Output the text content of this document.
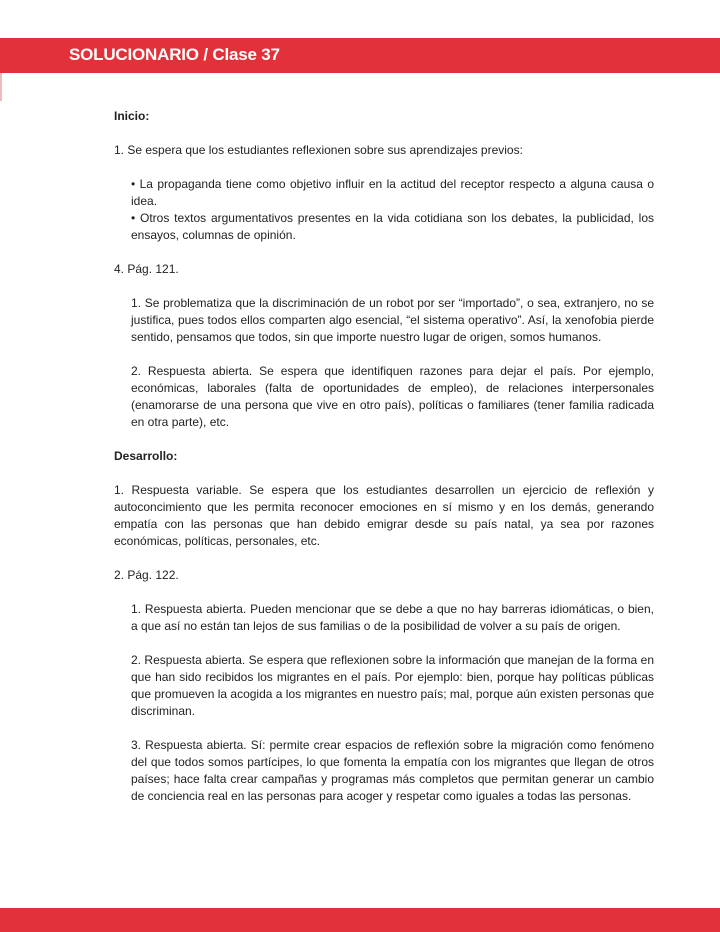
SOLUCIONARIO / Clase 37

Inicio:

1. Se espera que los estudiantes reflexionen sobre sus aprendizajes previos:

• La propaganda tiene como objetivo influir en la actitud del receptor respecto a alguna causa o idea.

• Otros textos argumentativos presentes en la vida cotidiana son los debates, la publicidad, los ensayos, columnas de opinión.

4. Pág. 121.

1. Se problematiza que la discriminación de un robot por ser “importado”, o sea, extranjero, no se justifica, pues todos ellos comparten algo esencial, “el sistema operativo”. Así, la xenofobia pierde sentido, pensamos que todos, sin que importe nuestro lugar de origen, somos humanos.

2. Respuesta abierta. Se espera que identifiquen razones para dejar el país. Por ejemplo, económicas, laborales (falta de oportunidades de empleo), de relaciones interpersonales (enamorarse de una persona que vive en otro país), políticas o familiares (tener familia radicada en otra parte), etc.

Desarrollo:

1. Respuesta variable. Se espera que los estudiantes desarrollen un ejercicio de reflexión y autoconcimiento que les permita reconocer emociones en sí mismo y en los demás, generando empatía con las personas que han debido emigrar desde su país natal, ya sea por razones económicas, políticas, personales, etc.

2. Pág. 122.

1. Respuesta abierta. Pueden mencionar que se debe a que no hay barreras idiomáticas, o bien, a que así no están tan lejos de sus familias o de la posibilidad de volver a su país de origen.

2. Respuesta abierta. Se espera que reflexionen sobre la información que manejan de la forma en que han sido recibidos los migrantes en el país. Por ejemplo: bien, porque hay políticas públicas que promueven la acogida a los migrantes en nuestro país; mal, porque aún existen personas que discriminan.

3. Respuesta abierta. Sí: permite crear espacios de reflexión sobre la migración como fenómeno del que todos somos partícipes, lo que fomenta la empatía con los migrantes que llegan de otros países; hace falta crear campañas y programas más completos que permitan generar un cambio de conciencia real en las personas para acoger y respetar como iguales a todas las personas.
